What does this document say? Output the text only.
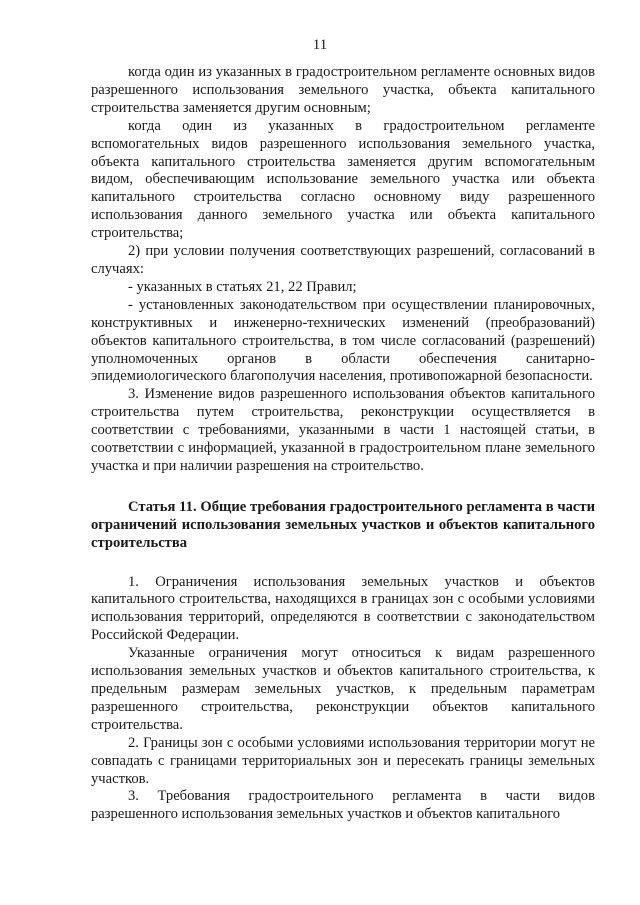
11

когда один из указанных в градостроительном регламенте основных видов разрешенного использования земельного участка, объекта капитального строительства заменяется другим основным;

когда один из указанных в градостроительном регламенте вспомогательных видов разрешенного использования земельного участка, объекта капитального строительства заменяется другим вспомогательным видом, обеспечивающим использование земельного участка или объекта капитального строительства согласно основному виду разрешенного использования данного земельного участка или объекта капитального строительства;

2) при условии получения соответствующих разрешений, согласований в случаях:

- указанных в статьях 21, 22 Правил;

- установленных законодательством при осуществлении планировочных, конструктивных и инженерно-технических изменений (преобразований) объектов капитального строительства, в том числе согласований (разрешений) уполномоченных органов в области обеспечения санитарно-эпидемиологического благополучия населения, противопожарной безопасности.

3. Изменение видов разрешенного использования объектов капитального строительства путем строительства, реконструкции осуществляется в соответствии с требованиями, указанными в части 1 настоящей статьи, в соответствии с информацией, указанной в градостроительном плане земельного участка и при наличии разрешения на строительство.

Статья 11. Общие требования градостроительного регламента в части ограничений использования земельных участков и объектов капитального строительства

1. Ограничения использования земельных участков и объектов капитального строительства, находящихся в границах зон с особыми условиями использования территорий, определяются в соответствии с законодательством Российской Федерации.

Указанные ограничения могут относиться к видам разрешенного использования земельных участков и объектов капитального строительства, к предельным размерам земельных участков, к предельным параметрам разрешенного строительства, реконструкции объектов капитального строительства.

2. Границы зон с особыми условиями использования территории могут не совпадать с границами территориальных зон и пересекать границы земельных участков.

3. Требования градостроительного регламента в части видов разрешенного использования земельных участков и объектов капитального
